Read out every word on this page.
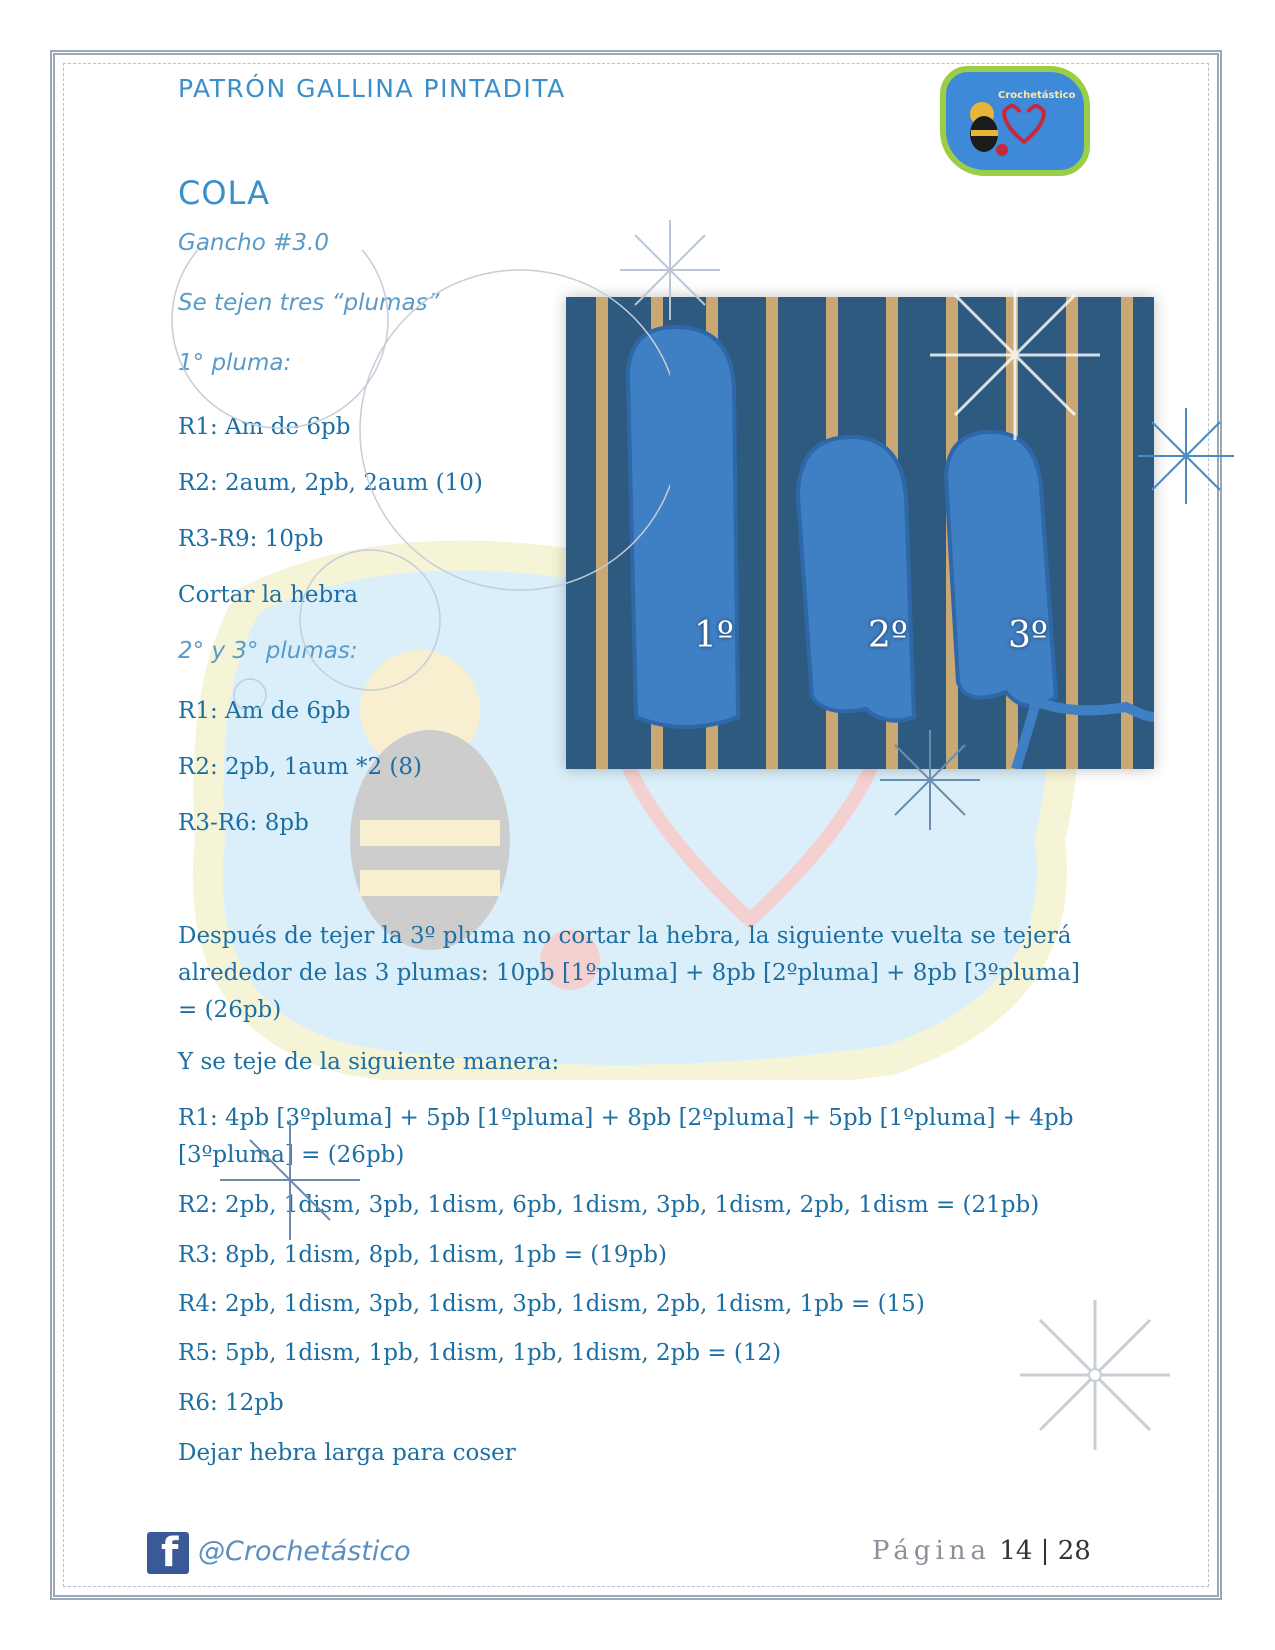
PATRÓN GALLINA PINTADITA	Crochetástico
COLA
Gancho #3.0
Se tejen tres “plumas”
1° pluma:
R1: Am de 6pb
R2: 2aum, 2pb, 2aum (10)
R3-R9: 10pb
Cortar la hebra
2° y 3° plumas:
R1: Am de 6pb
R2: 2pb, 1aum *2 (8)
R3-R6: 8pb
Después de tejer la 3º pluma no cortar la hebra, la siguiente vuelta se tejerá alrededor de las 3 plumas: 10pb [1ºpluma] + 8pb [2ºpluma] + 8pb [3ºpluma] = (26pb)
Y se teje de la siguiente manera:
R1: 4pb [3ºpluma] + 5pb [1ºpluma] + 8pb [2ºpluma] + 5pb [1ºpluma] + 4pb [3ºpluma] = (26pb)
R2: 2pb, 1dism, 3pb, 1dism, 6pb, 1dism, 3pb, 1dism, 2pb, 1dism = (21pb)
R3: 8pb, 1dism, 8pb, 1dism, 1pb = (19pb)
R4: 2pb, 1dism, 3pb, 1dism, 3pb, 1dism, 2pb, 1dism, 1pb = (15)
R5: 5pb, 1dism, 1pb, 1dism, 1pb, 1dism, 2pb = (12)
R6: 12pb
Dejar hebra larga para coser
1º	2º	3º
f @Crochetástico	Página 14 | 28
